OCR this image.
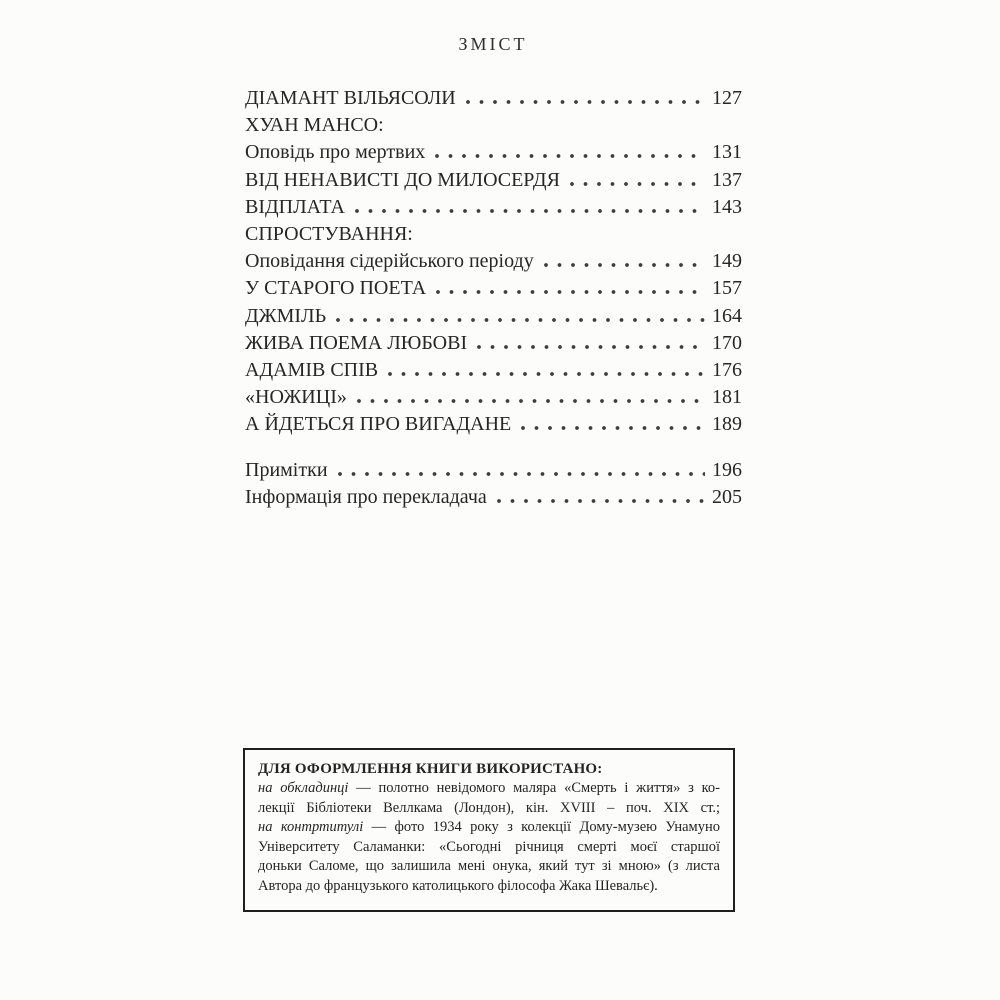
ЗМІСТ
ДІАМАНТ ВІЛЬЯСОЛИ	127
ХУАН МАНСО:
Оповідь про мертвих	131
ВІД НЕНАВИСТІ ДО МИЛОСЕРДЯ	137
ВІДПЛАТА	143
СПРОСТУВАННЯ:
Оповідання сідерійського періоду	149
У СТАРОГО ПОЕТА	157
ДЖМІЛЬ	164
ЖИВА ПОЕМА ЛЮБОВІ	170
АДАМІВ СПІВ	176
«НОЖИЦІ»	181
А ЙДЕТЬСЯ ПРО ВИГАДАНЕ	189
Примітки	196
Інформація про перекладача	205
ДЛЯ ОФОРМЛЕННЯ КНИГИ ВИКОРИСТАНО:
на обкладинці — полотно невідомого маляра «Смерть і життя» з ко-
лекції Бібліотеки Веллкама (Лондон), кін. XVIII – поч. XIX ст.;
на контртитулі — фото 1934 року з колекції Дому-музею Унамуно
Університету Саламанки: «Сьогодні річниця смерті моєї старшої
доньки Саломе, що залишила мені онука, який тут зі мною» (з листа
Автора до французького католицького філософа Жака Шевальє).
